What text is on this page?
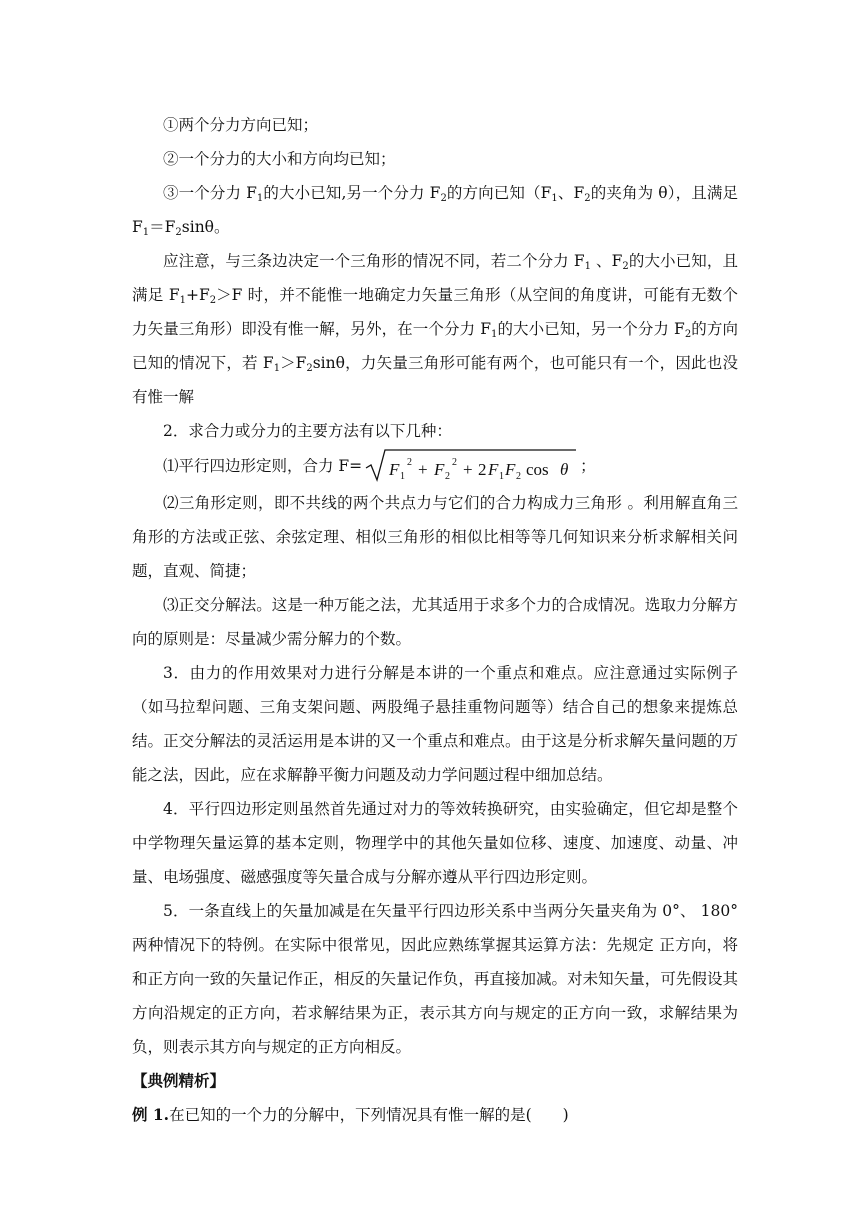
①两个分力方向已知；

②一个分力的大小和方向均已知；

③一个分力 $F_1$的大小已知,另一个分力 $F_2$的方向已知（$F_1$、$F_2$的夹角为 θ），且满足 $F_1=F_2\sin\theta$。

应注意，与三条边决定一个三角形的情况不同，若二个分力 $F_1$ 、$F_2$的大小已知，且满足 $F_1+F_2>F$ 时，并不能惟一地确定力矢量三角形（从空间的角度讲，可能有无数个力矢量三角形）即没有惟一解，另外，在一个分力 $F_1$的大小已知，另一个分力 $F_2$的方向已知的情况下，若 $F_1>F_2\sin\theta$，力矢量三角形可能有两个，也可能只有一个，因此也没有惟一解

2．求合力或分力的主要方法有以下几种：

⑴平行四边形定则，合力 F= F 1
2 + F 2
2 + 2 F 1 F 2 cos θ ；

⑵三角形定则，即不共线的两个共点力与它们的合力构成力三角形 。利用解直角三角形的方法或正弦、余弦定理、相似三角形的相似比相等等几何知识来分析求解相关问题，直观、简捷；

⑶正交分解法。这是一种万能之法，尤其适用于求多个力的合成情况。选取力分解方向的原则是：尽量减少需分解力的个数。

3．由力的作用效果对力进行分解是本讲的一个重点和难点。应注意通过实际例子（如马拉犁问题、三角支架问题、两股绳子悬挂重物问题等）结合自己的想象来提炼总结。正交分解法的灵活运用是本讲的又一个重点和难点。由于这是分析求解矢量问题的万能之法，因此，应在求解静平衡力问题及动力学问题过程中细加总结。

4．平行四边形定则虽然首先通过对力的等效转换研究，由实验确定，但它却是整个中学物理矢量运算的基本定则，物理学中的其他矢量如位移、速度、加速度、动量、冲量、电场强度、磁感强度等矢量合成与分解亦遵从平行四边形定则。

5．一条直线上的矢量加减是在矢量平行四边形关系中当两分矢量夹角为 0°、 180°两种情况下的特例。在实际中很常见，因此应熟练掌握其运算方法：先规定 正方向，将和正方向一致的矢量记作正，相反的矢量记作负，再直接加减。对未知矢量，可先假设其方向沿规定的正方向，若求解结果为正，表示其方向与规定的正方向一致，求解结果为负，则表示其方向与规定的正方向相反。

【典例精析】

例 1.在已知的一个力的分解中，下列情况具有惟一解的是(　　)
